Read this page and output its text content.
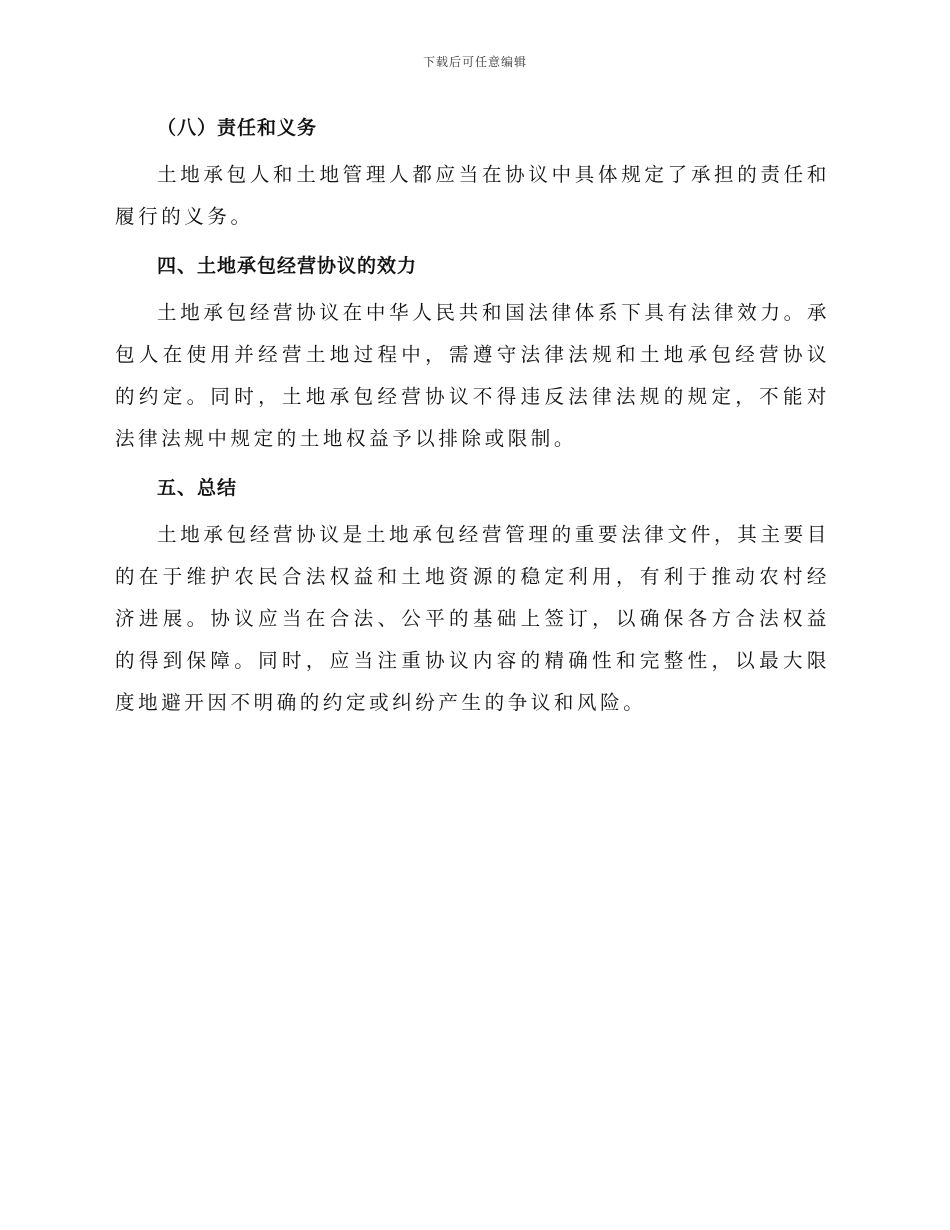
下载后可任意编辑
（八）责任和义务

土地承包人和土地管理人都应当在协议中具体规定了承担的责任和履行的义务。

四、土地承包经营协议的效力

土地承包经营协议在中华人民共和国法律体系下具有法律效力。承包人在使用并经营土地过程中，需遵守法律法规和土地承包经营协议的约定。同时，土地承包经营协议不得违反法律法规的规定，不能对法律法规中规定的土地权益予以排除或限制。

五、总结

土地承包经营协议是土地承包经营管理的重要法律文件，其主要目的在于维护农民合法权益和土地资源的稳定利用，有利于推动农村经济进展。协议应当在合法、公平的基础上签订，以确保各方合法权益的得到保障。同时，应当注重协议内容的精确性和完整性，以最大限度地避开因不明确的约定或纠纷产生的争议和风险。
